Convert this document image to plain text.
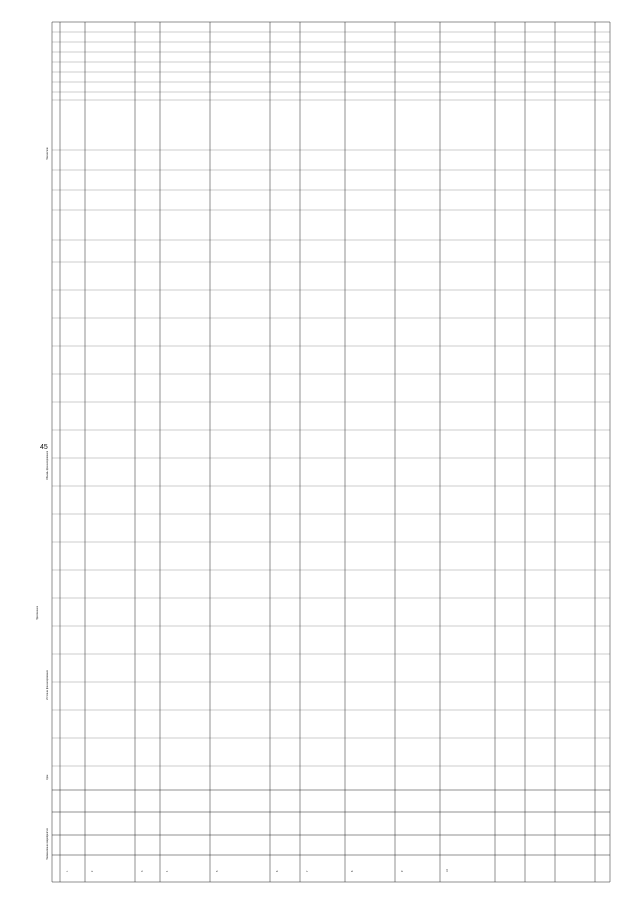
45
1	2	3	4	5	6	7	8	9	10
Наименование мероприятия
Срок
Источник финансирования
Объемы финансирования
Показатели
Приложение
